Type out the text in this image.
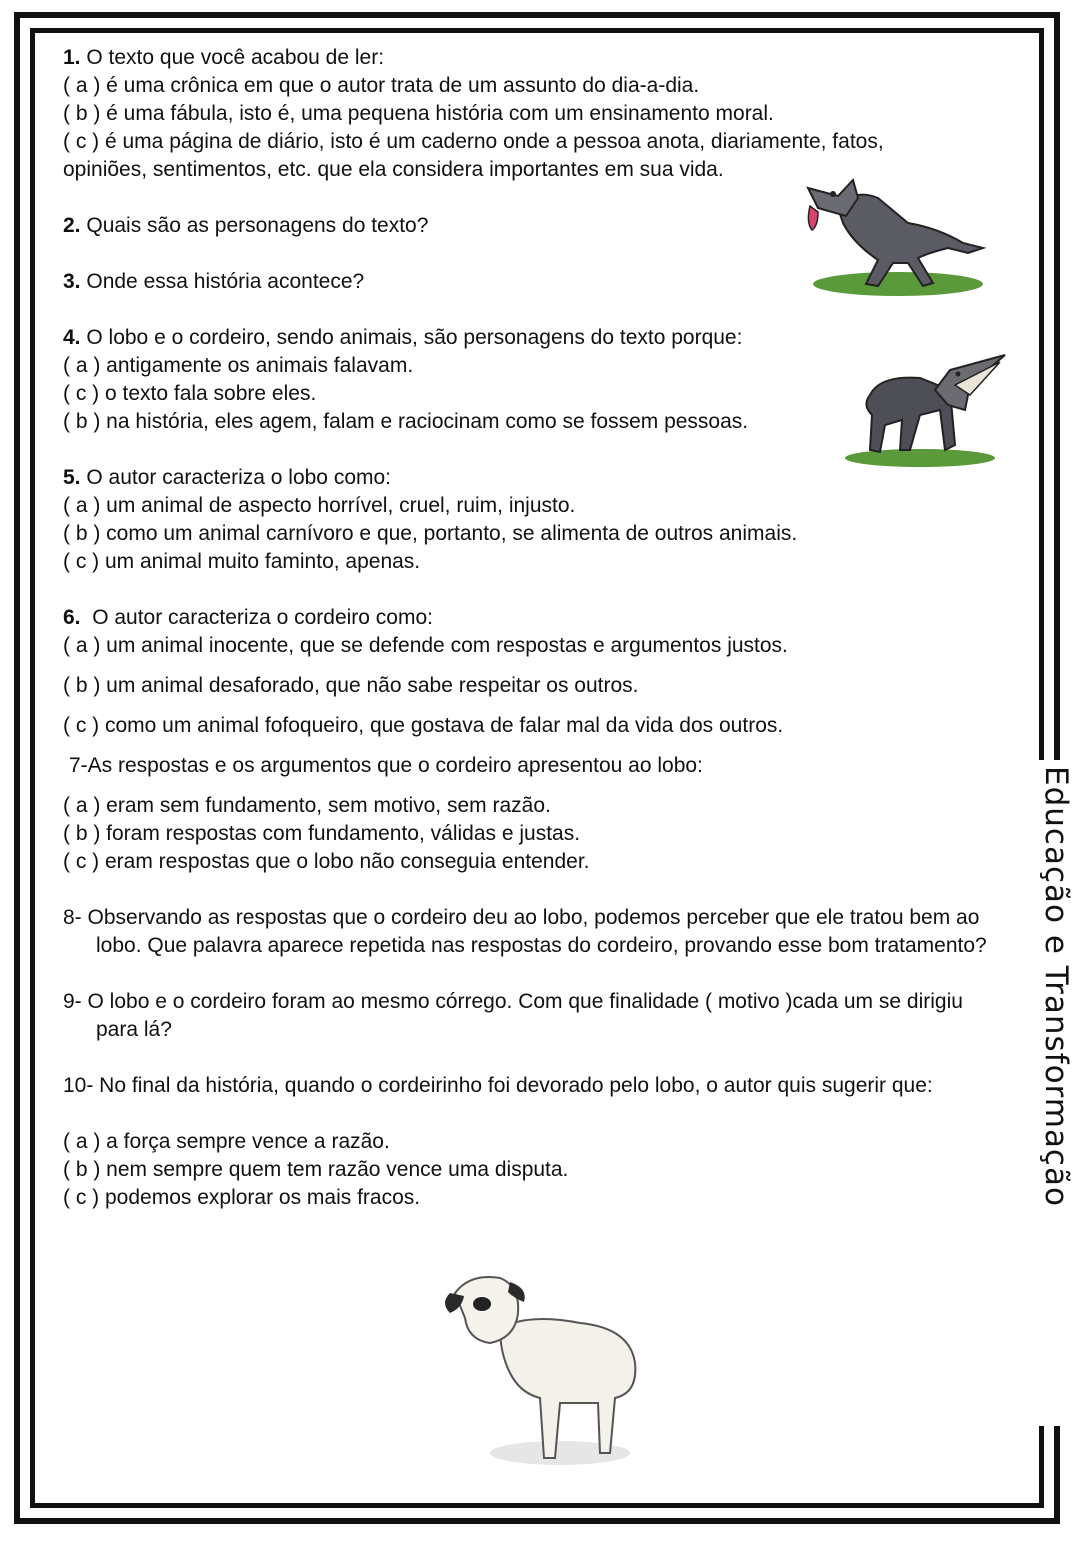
Educação e Transformação

1. O texto que você acabou de ler:

( a ) é uma crônica em que o autor trata de um assunto do dia-a-dia.

( b ) é uma fábula, isto é, uma pequena história com um ensinamento moral.

( c ) é uma página de diário, isto é um caderno onde a pessoa anota, diariamente, fatos, opiniões, sentimentos, etc. que ela considera importantes em sua vida.

2. Quais são as personagens do texto?

3. Onde essa história acontece?

4. O lobo e o cordeiro, sendo animais, são personagens do texto porque:

( a ) antigamente os animais falavam.

( c ) o texto fala sobre eles.

( b ) na história, eles agem, falam e raciocinam como se fossem pessoas.

5. O autor caracteriza o lobo como:

( a ) um animal de aspecto horrível, cruel, ruim, injusto.

( b ) como um animal carnívoro e que, portanto, se alimenta de outros animais.

( c ) um animal muito faminto, apenas.

6. O autor caracteriza o cordeiro como:

( a ) um animal inocente, que se defende com respostas e argumentos justos.

( b ) um animal desaforado, que não sabe respeitar os outros.

( c ) como um animal fofoqueiro, que gostava de falar mal da vida dos outros.

7-As respostas e os argumentos que o cordeiro apresentou ao lobo:

( a ) eram sem fundamento, sem motivo, sem razão.

( b ) foram respostas com fundamento, válidas e justas.

( c ) eram respostas que o lobo não conseguia entender.

8- Observando as respostas que o cordeiro deu ao lobo, podemos perceber que ele tratou bem ao lobo. Que palavra aparece repetida nas respostas do cordeiro, provando esse bom tratamento?

9- O lobo e o cordeiro foram ao mesmo córrego. Com que finalidade ( motivo )cada um se dirigiu para lá?

10- No final da história, quando o cordeirinho foi devorado pelo lobo, o autor quis sugerir que:

( a ) a força sempre vence a razão.

( b ) nem sempre quem tem razão vence uma disputa.

( c ) podemos explorar os mais fracos.
